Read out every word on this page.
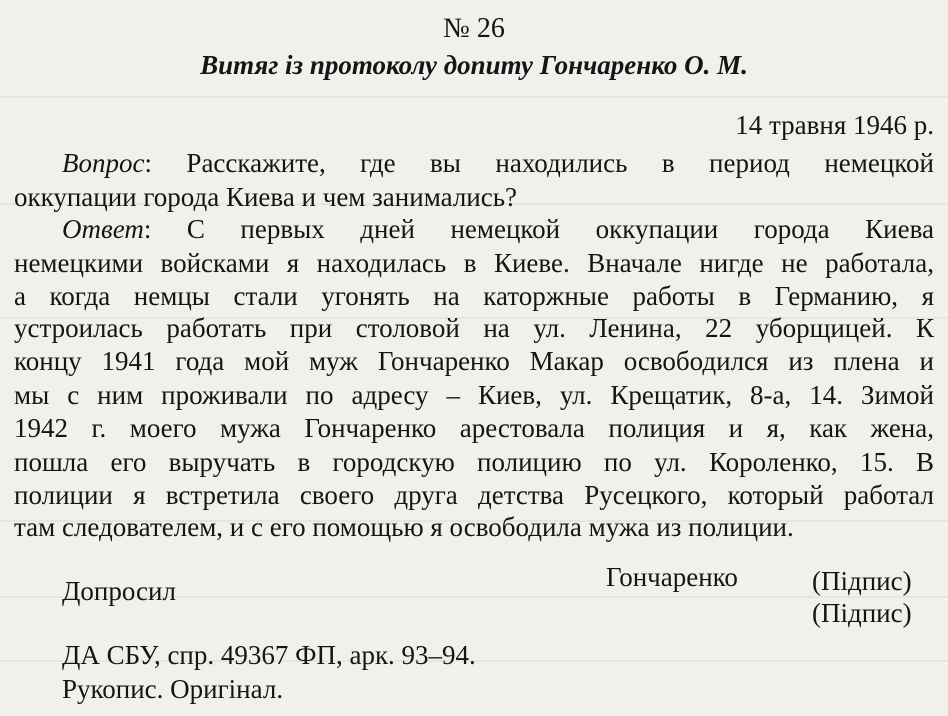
№ 26
Витяг із протоколу допиту Гончаренко О. М.
14 травня 1946 р.
Вопрос: Расскажите, где вы находились в период немецкой
оккупации города Киева и чем занимались?
Ответ: С первых дней немецкой оккупации города Киева
немецкими войсками я находилась в Киеве. Вначале нигде не работала,
а когда немцы стали угонять на каторжные работы в Германию, я
устроилась работать при столовой на ул. Ленина, 22 уборщицей. К
концу 1941 года мой муж Гончаренко Макар освободился из плена и
мы с ним проживали по адресу – Киев, ул. Крещатик, 8-а, 14. Зимой
1942 г. моего мужа Гончаренко арестовала полиция и я, как жена,
пошла его выручать в городскую полицию по ул. Короленко, 15. В
полиции я встретила своего друга детства Русецкого, который работал
там следователем, и с его помощью я освободила мужа из полиции.
Гончаренко	(Підпис)
Допросил
(Підпис)
ДА СБУ, спр. 49367 ФП, арк. 93–94.
Рукопис. Оригінал.
